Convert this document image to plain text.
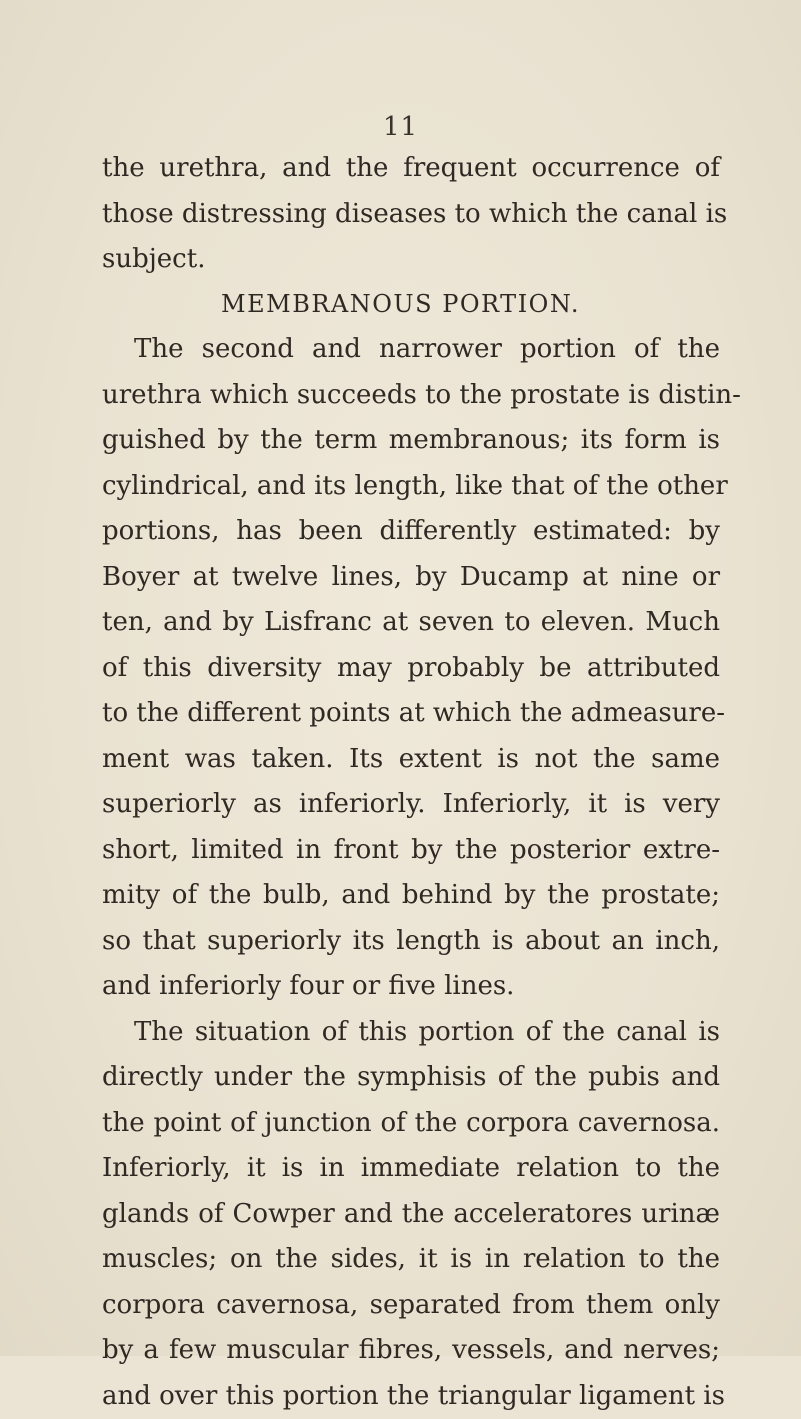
11
the urethra, and the frequent occurrence of
those distressing diseases to which the canal is
subject.
MEMBRANOUS PORTION.
The second and narrower portion of the
urethra which succeeds to the prostate is distin-
guished by the term membranous; its form is
cylindrical, and its length, like that of the other
portions, has been differently estimated: by
Boyer at twelve lines, by Ducamp at nine or
ten, and by Lisfranc at seven to eleven. Much
of this diversity may probably be attributed
to the different points at which the admeasure-
ment was taken. Its extent is not the same
superiorly as inferiorly. Inferiorly, it is very
short, limited in front by the posterior extre-
mity of the bulb, and behind by the prostate;
so that superiorly its length is about an inch,
and inferiorly four or five lines.
The situation of this portion of the canal is
directly under the symphisis of the pubis and
the point of junction of the corpora cavernosa.
Inferiorly, it is in immediate relation to the
glands of Cowper and the acceleratores urinæ
muscles; on the sides, it is in relation to the
corpora cavernosa, separated from them only
by a few muscular fibres, vessels, and nerves;
and over this portion the triangular ligament is
